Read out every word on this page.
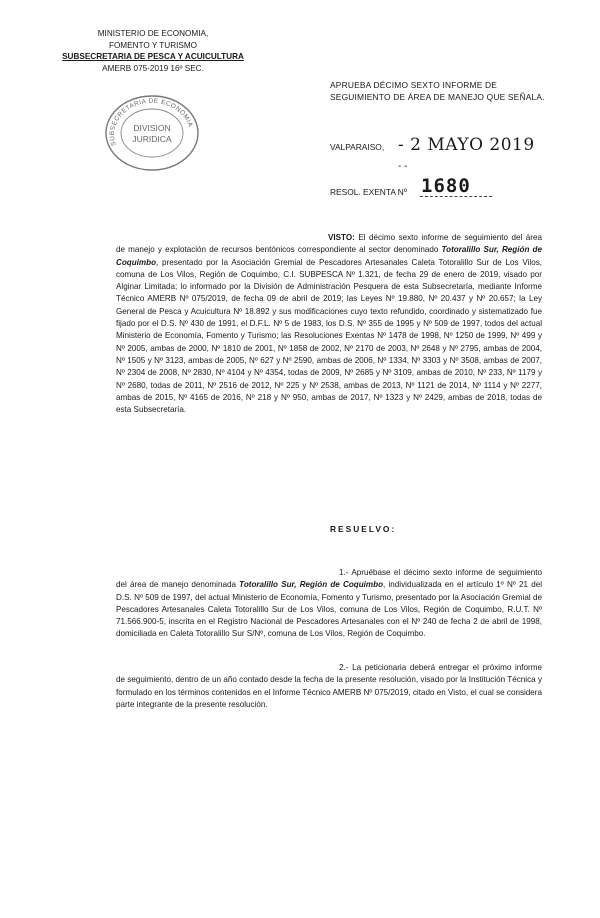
MINISTERIO DE ECONOMIA,
FOMENTO Y TURISMO
SUBSECRETARIA DE PESCA Y ACUICULTURA
AMERB 075-2019 16º SEC.
SUBSECRETARIA DE ECONOMIA
DIVISION
JURIDICA
APRUEBA DÉCIMO SEXTO INFORME DE
SEGUIMIENTO DE ÁREA DE MANEJO QUE SEÑALA.
VALPARAISO, - 2 MAYO 2019
- -
RESOL. EXENTA Nº 1680
VISTO: El décimo sexto informe de seguimiento del área de manejo y explotación de recursos bentónicos correspondiente al sector denominado Totoralillo Sur, Región de Coquimbo, presentado por la Asociación Gremial de Pescadores Artesanales Caleta Totoralillo Sur de Los Vilos, comuna de Los Vilos, Región de Coquimbo, C.I. SUBPESCA Nº 1.321, de fecha 29 de enero de 2019, visado por Alginar Limitada; lo informado por la División de Administración Pesquera de esta Subsecretaría, mediante Informe Técnico AMERB Nº 075/2019, de fecha 09 de abril de 2019; las Leyes Nº 19.880, Nº 20.437 y Nº 20.657; la Ley General de Pesca y Acuicultura Nº 18.892 y sus modificaciones cuyo texto refundido, coordinado y sistematizado fue fijado por el D.S. Nº 430 de 1991, el D.F.L. Nº 5 de 1983, los D.S. Nº 355 de 1995 y Nº 509 de 1997, todos del actual Ministerio de Economía, Fomento y Turismo; las Resoluciones Exentas Nº 1478 de 1998, Nº 1250 de 1999, Nº 499 y Nº 2005, ambas de 2000, Nº 1810 de 2001, Nº 1858 de 2002, Nº 2170 de 2003, Nº 2648 y Nº 2795, ambas de 2004, Nº 1505 y Nº 3123, ambas de 2005, Nº 627 y Nº 2590, ambas de 2006, Nº 1334, Nº 3303 y Nº 3508, ambas de 2007, Nº 2304 de 2008, Nº 2830, Nº 4104 y Nº 4354, todas de 2009, Nº 2685 y Nº 3109, ambas de 2010, Nº 233, Nº 1179 y Nº 2680, todas de 2011, Nº 2516 de 2012, Nº 225 y Nº 2538, ambas de 2013, Nº 1121 de 2014, Nº 1114 y Nº 2277, ambas de 2015, Nº 4165 de 2016, Nº 218 y Nº 950, ambas de 2017, Nº 1323 y Nº 2429, ambas de 2018, todas de esta Subsecretaría.
RESUELVO:
1.- Apruébase el décimo sexto informe de seguimiento del área de manejo denominada Totoralillo Sur, Región de Coquimbo, individualizada en el artículo 1º Nº 21 del D.S. Nº 509 de 1997, del actual Ministerio de Economía, Fomento y Turismo, presentado por la Asociación Gremial de Pescadores Artesanales Caleta Totoralillo Sur de Los Vilos, comuna de Los Vilos, Región de Coquimbo, R.U.T. Nº 71.566.900-5, inscrita en el Registro Nacional de Pescadores Artesanales con el Nº 240 de fecha 2 de abril de 1998, domiciliada en Caleta Totoralillo Sur S/Nº, comuna de Los Vilos, Región de Coquimbo.
2.- La peticionaria deberá entregar el próximo informe de seguimiento, dentro de un año contado desde la fecha de la presente resolución, visado por la Institución Técnica y formulado en los términos contenidos en el Informe Técnico AMERB Nº 075/2019, citado en Visto, el cual se considera parte integrante de la presente resolución.
